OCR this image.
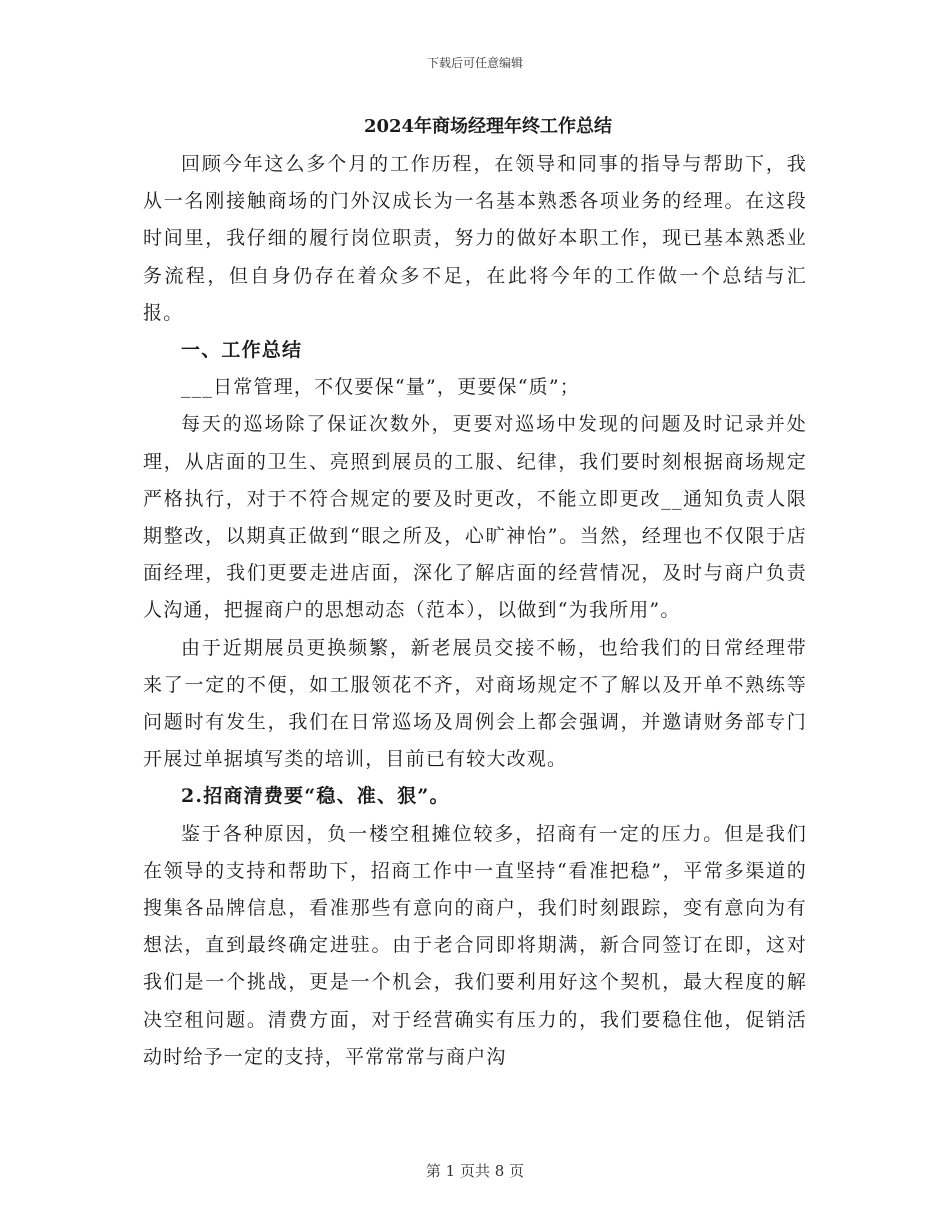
下载后可任意编辑
2024年商场经理年终工作总结

回顾今年这么多个月的工作历程，在领导和同事的指导与帮助下，我从一名刚接触商场的门外汉成长为一名基本熟悉各项业务的经理。在这段时间里，我仔细的履行岗位职责，努力的做好本职工作，现已基本熟悉业务流程，但自身仍存在着众多不足，在此将今年的工作做一个总结与汇报。

一、工作总结

___日常管理，不仅要保“量”，更要保“质”；

每天的巡场除了保证次数外，更要对巡场中发现的问题及时记录并处理，从店面的卫生、亮照到展员的工服、纪律，我们要时刻根据商场规定严格执行，对于不符合规定的要及时更改，不能立即更改__通知负责人限期整改，以期真正做到“眼之所及，心旷神怡”。当然，经理也不仅限于店面经理，我们更要走进店面，深化了解店面的经营情况，及时与商户负责人沟通，把握商户的思想动态（范本），以做到“为我所用”。

由于近期展员更换频繁，新老展员交接不畅，也给我们的日常经理带来了一定的不便，如工服领花不齐，对商场规定不了解以及开单不熟练等问题时有发生，我们在日常巡场及周例会上都会强调，并邀请财务部专门开展过单据填写类的培训，目前已有较大改观。

2.招商清费要“稳、准、狠”。

鉴于各种原因，负一楼空租摊位较多，招商有一定的压力。但是我们在领导的支持和帮助下，招商工作中一直坚持“看准把稳”，平常多渠道的搜集各品牌信息，看准那些有意向的商户，我们时刻跟踪，变有意向为有想法，直到最终确定进驻。由于老合同即将期满，新合同签订在即，这对我们是一个挑战，更是一个机会，我们要利用好这个契机，最大程度的解决空租问题。清费方面，对于经营确实有压力的，我们要稳住他，促销活动时给予一定的支持，平常常常与商户沟

第 1 页共 8 页
